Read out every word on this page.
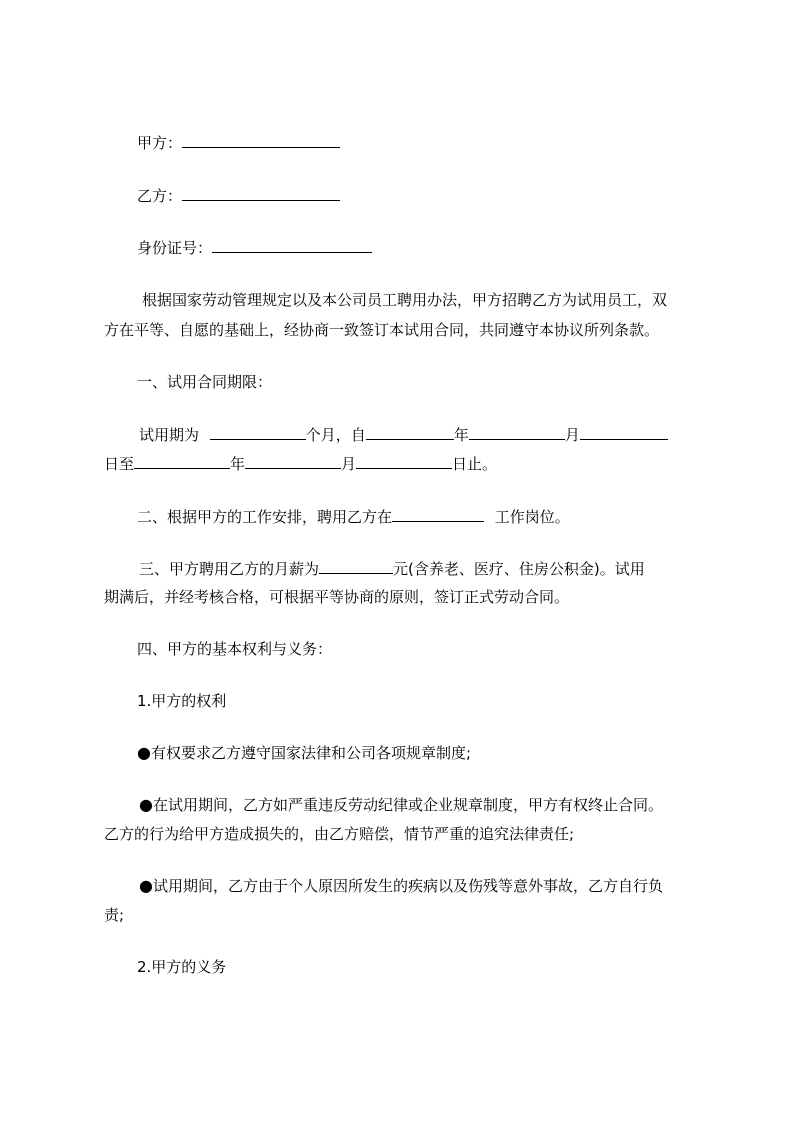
甲方：
乙方：
身份证号：
根据国家劳动管理规定以及本公司员工聘用办法，甲方招聘乙方为试用员工，双
方在平等、自愿的基础上，经协商一致签订本试用合同，共同遵守本协议所列条款。
一、试用合同期限：
试用期为	个月，自	年	月
日至	年	月	日止。
二、根据甲方的工作安排，聘用乙方在	工作岗位。
三、甲方聘用乙方的月薪为	元(含养老、医疗、住房公积金)。试用
期满后，并经考核合格，可根据平等协商的原则，签订正式劳动合同。
四、甲方的基本权利与义务：
1.甲方的权利
●有权要求乙方遵守国家法律和公司各项规章制度;
●在试用期间，乙方如严重违反劳动纪律或企业规章制度，甲方有权终止合同。
乙方的行为给甲方造成损失的，由乙方赔偿，情节严重的追究法律责任;
●试用期间，乙方由于个人原因所发生的疾病以及伤残等意外事故，乙方自行负
责;
2.甲方的义务
